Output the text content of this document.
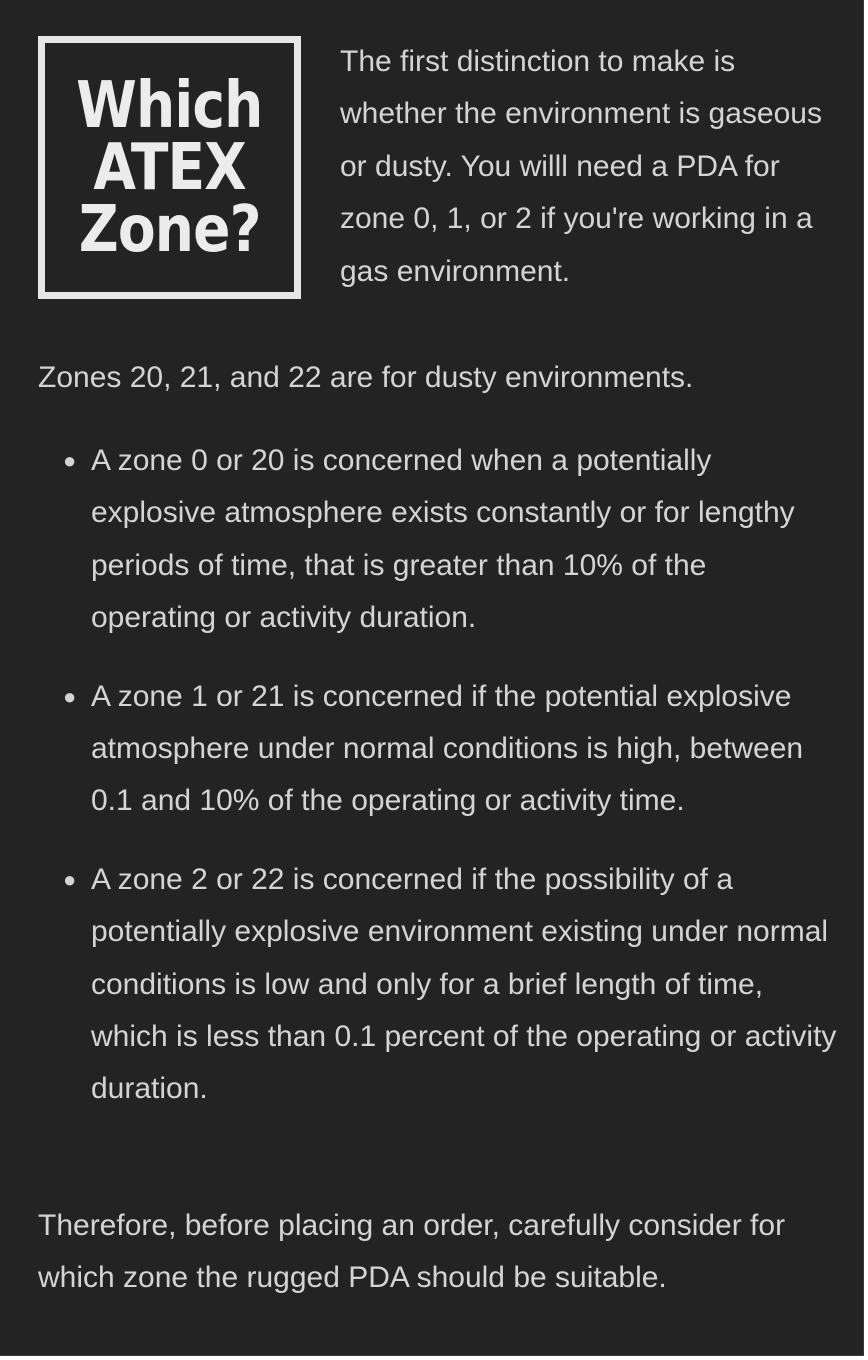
Which
ATEX
Zone?

The first distinction to make is whether the environment is gaseous or dusty. You willl need a PDA for zone 0, 1, or 2 if you're working in a gas environment.

Zones 20, 21, and 22 are for dusty environments.

● A zone 0 or 20 is concerned when a potentially explosive atmosphere exists constantly or for lengthy periods of time, that is greater than 10% of the operating or activity duration.
● A zone 1 or 21 is concerned if the potential explosive atmosphere under normal conditions is high, between 0.1 and 10% of the operating or activity time.
● A zone 2 or 22 is concerned if the possibility of a potentially explosive environment existing under normal conditions is low and only for a brief length of time, which is less than 0.1 percent of the operating or activity duration.

Therefore, before placing an order, carefully consider for which zone the rugged PDA should be suitable.
